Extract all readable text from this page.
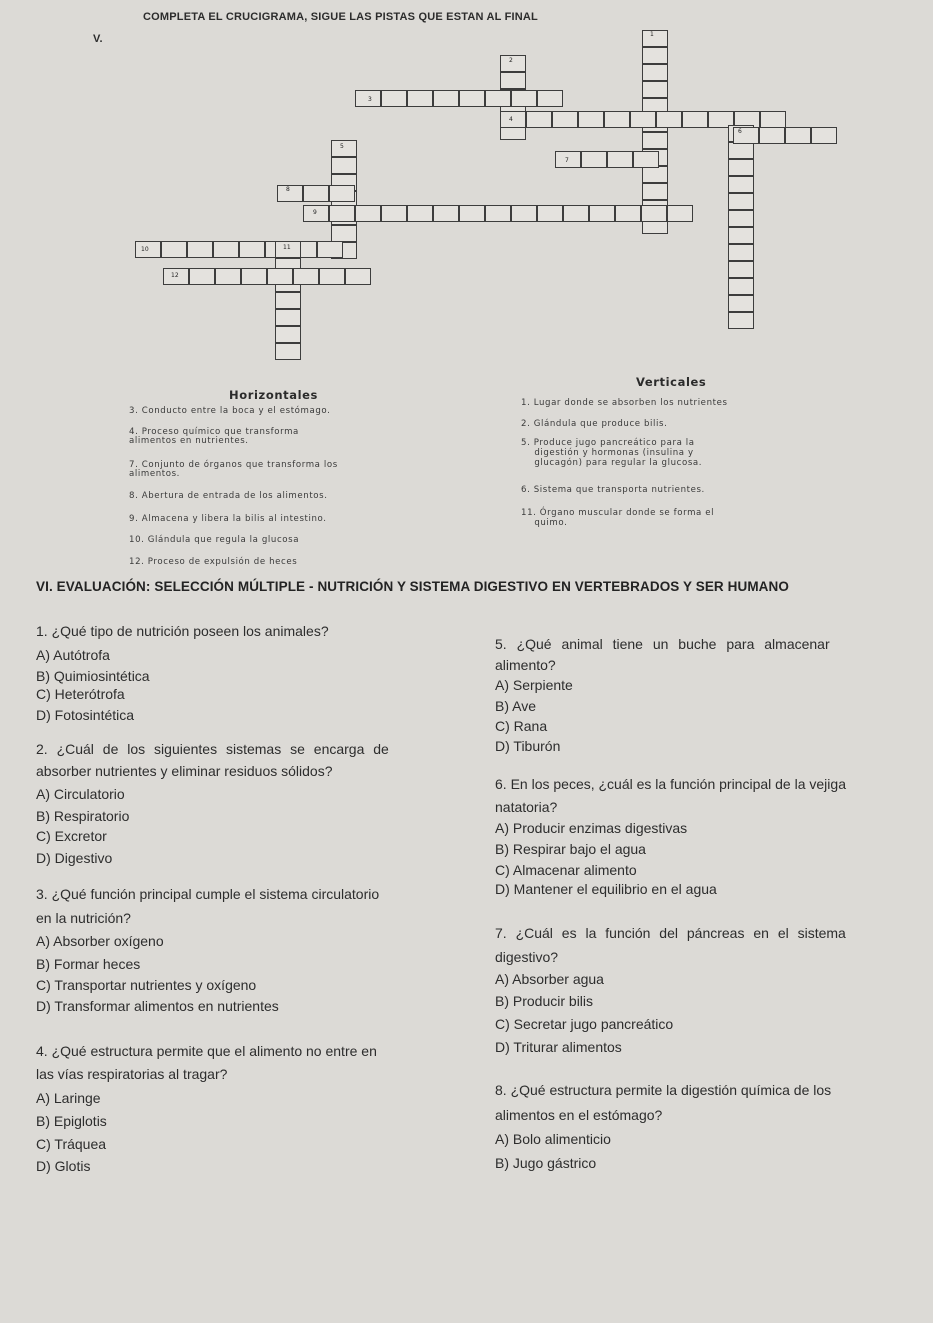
V.
COMPLETA EL CRUCIGRAMA, SIGUE LAS PISTAS QUE ESTAN AL FINAL
1
2
3
4
6
5
7
8
9
10	11
12
Horizontales
Verticales
3. Conducto entre la boca y el estómago.
4. Proceso químico que transforma
alimentos en nutrientes.
7. Conjunto de órganos que transforma los
alimentos.
8. Abertura de entrada de los alimentos.
9. Almacena y libera la bilis al intestino.
10. Glándula que regula la glucosa
12. Proceso de expulsión de heces
1. Lugar donde se absorben los nutrientes
2. Glándula que produce bilis.
5. Produce jugo pancreático para la
digestión y hormonas (insulina y
glucagón) para regular la glucosa.
6. Sistema que transporta nutrientes.
11. Órgano muscular donde se forma el
quimo.
VI. EVALUACIÓN: SELECCIÓN MÚLTIPLE - NUTRICIÓN Y SISTEMA DIGESTIVO EN VERTEBRADOS Y SER HUMANO
1. ¿Qué tipo de nutrición poseen los animales?
A) Autótrofa
B) Quimiosintética
C) Heterótrofa
D) Fotosintética
2. ¿Cuál de los siguientes sistemas se encarga de
absorber nutrientes y eliminar residuos sólidos?
A) Circulatorio
B) Respiratorio
C) Excretor
D) Digestivo
3. ¿Qué función principal cumple el sistema circulatorio
en la nutrición?
A) Absorber oxígeno
B) Formar heces
C) Transportar nutrientes y oxígeno
D) Transformar alimentos en nutrientes
4. ¿Qué estructura permite que el alimento no entre en
las vías respiratorias al tragar?
A) Laringe
B) Epiglotis
C) Tráquea
D) Glotis
5. ¿Qué animal tiene un buche para almacenar
alimento?
A) Serpiente
B) Ave
C) Rana
D) Tiburón
6. En los peces, ¿cuál es la función principal de la vejiga
natatoria?
A) Producir enzimas digestivas
B) Respirar bajo el agua
C) Almacenar alimento
D) Mantener el equilibrio en el agua
7. ¿Cuál es la función del páncreas en el sistema
digestivo?
A) Absorber agua
B) Producir bilis
C) Secretar jugo pancreático
D) Triturar alimentos
8. ¿Qué estructura permite la digestión química de los
alimentos en el estómago?
A) Bolo alimenticio
B) Jugo gástrico
